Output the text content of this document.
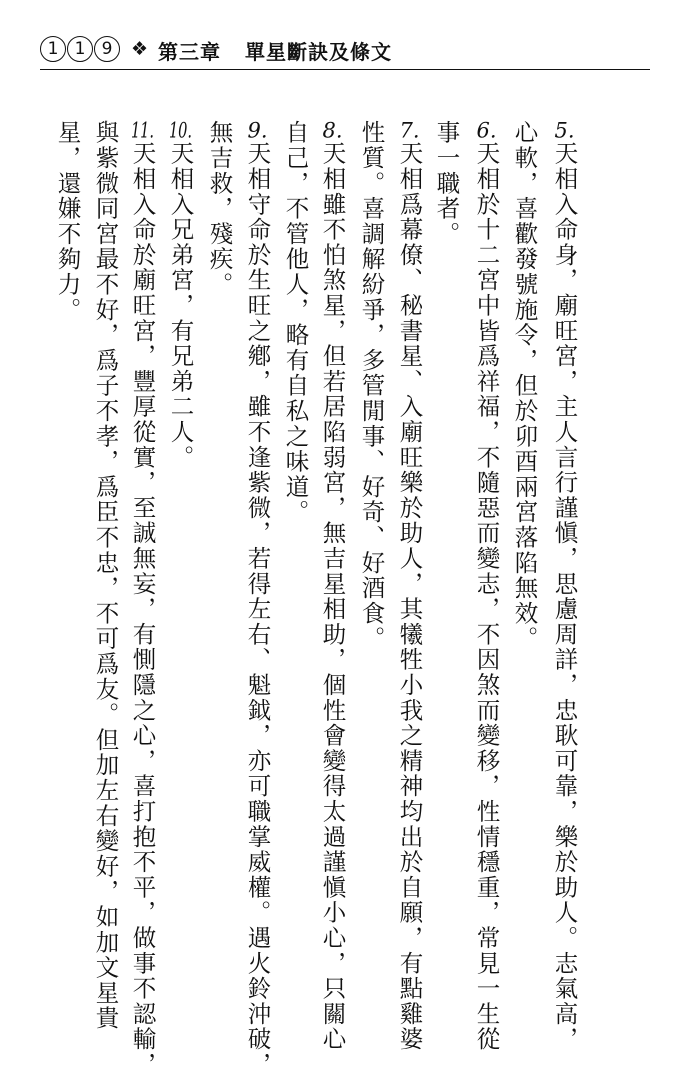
1 1 9 ❖ 第三章 單星斷訣及條文
5.天相入命身，廟旺宮，主人言行謹愼，思慮周詳，忠耿可靠，樂於助人。志氣高，
心軟，喜歡發號施令，但於卯酉兩宮落陷無效。
6.天相於十二宮中皆爲祥福，不隨惡而變志，不因煞而變移，性情穩重，常見一生從
事一職者。
7.天相爲幕僚、秘書星、入廟旺樂於助人，其犧牲小我之精神均出於自願，有點雞婆
性質。喜調解紛爭，多管閒事、好奇、好酒食。
8.天相雖不怕煞星，但若居陷弱宮，無吉星相助，個性會變得太過謹愼小心，只關心
自己，不管他人，略有自私之味道。
9.天相守命於生旺之鄕，雖不逢紫微，若得左右、魁鉞，亦可職掌威權。遇火鈴沖破，
無吉救，殘疾。
10.天相入兄弟宮，有兄弟二人。
11.天相入命於廟旺宮，豐厚從實，至誠無妄，有惻隱之心，喜打抱不平，做事不認輸，
與紫微同宮最不好，爲子不孝，爲臣不忠，不可爲友。但加左右變好，如加文星貴
星，還嫌不夠力。
